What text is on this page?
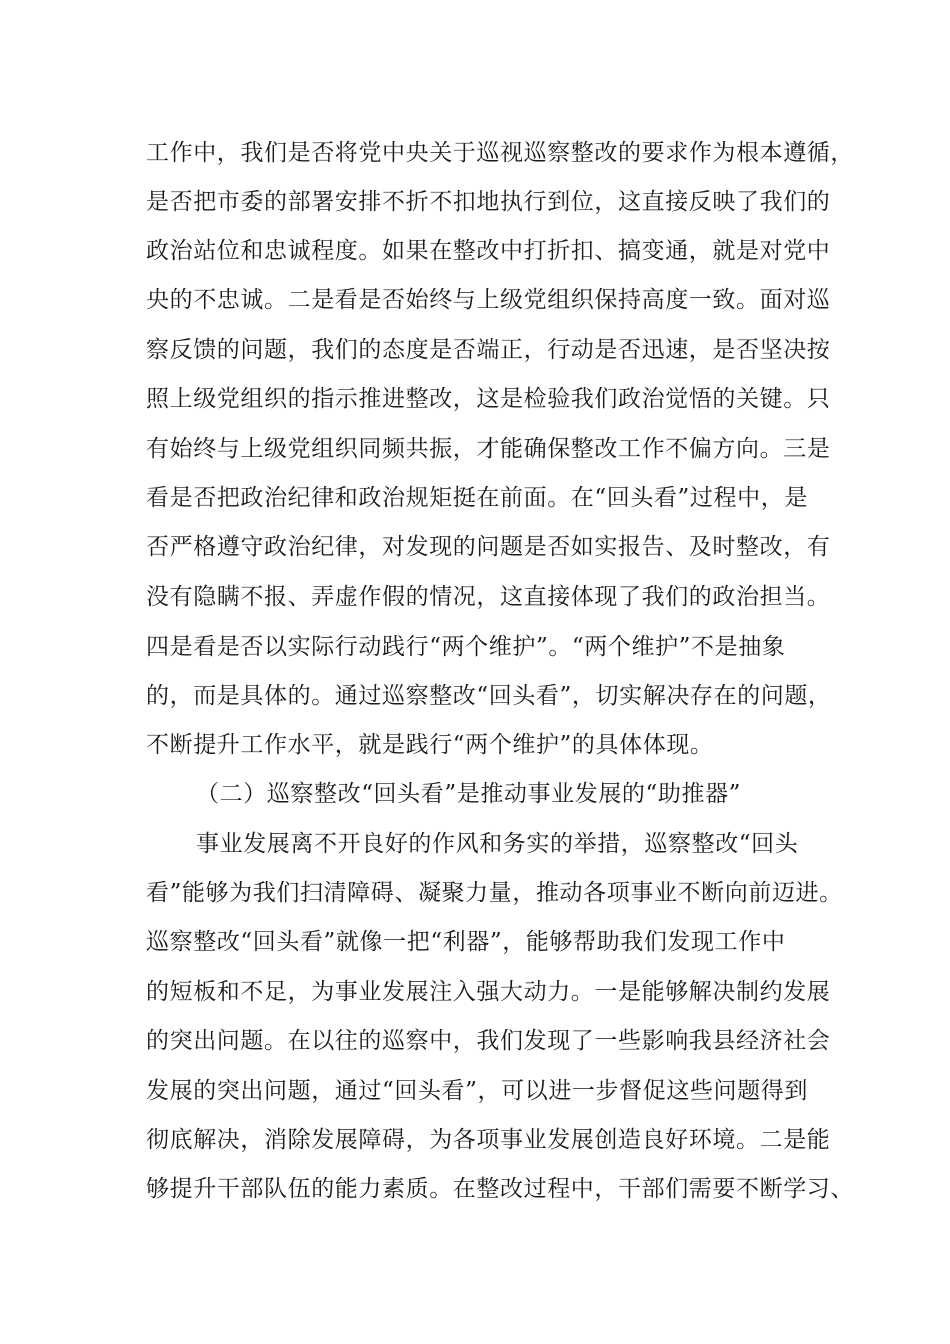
工作中，我们是否将党中央关于巡视巡察整改的要求作为根本遵循，
是否把市委的部署安排不折不扣地执行到位，这直接反映了我们的
政治站位和忠诚程度。如果在整改中打折扣、搞变通，就是对党中
央的不忠诚。二是看是否始终与上级党组织保持高度一致。面对巡
察反馈的问题，我们的态度是否端正，行动是否迅速，是否坚决按
照上级党组织的指示推进整改，这是检验我们政治觉悟的关键。只
有始终与上级党组织同频共振，才能确保整改工作不偏方向。三是
看是否把政治纪律和政治规矩挺在前面。在“回头看”过程中，是
否严格遵守政治纪律，对发现的问题是否如实报告、及时整改，有
没有隐瞒不报、弄虚作假的情况，这直接体现了我们的政治担当。
四是看是否以实际行动践行“两个维护”。“两个维护”不是抽象
的，而是具体的。通过巡察整改“回头看”，切实解决存在的问题，
不断提升工作水平，就是践行“两个维护”的具体体现。
（二）巡察整改“回头看”是推动事业发展的“助推器”
事业发展离不开良好的作风和务实的举措，巡察整改“回头
看”能够为我们扫清障碍、凝聚力量，推动各项事业不断向前迈进。
巡察整改“回头看”就像一把“利器”，能够帮助我们发现工作中
的短板和不足，为事业发展注入强大动力。一是能够解决制约发展
的突出问题。在以往的巡察中，我们发现了一些影响我县经济社会
发展的突出问题，通过“回头看”，可以进一步督促这些问题得到
彻底解决，消除发展障碍，为各项事业发展创造良好环境。二是能
够提升干部队伍的能力素质。在整改过程中，干部们需要不断学习、
